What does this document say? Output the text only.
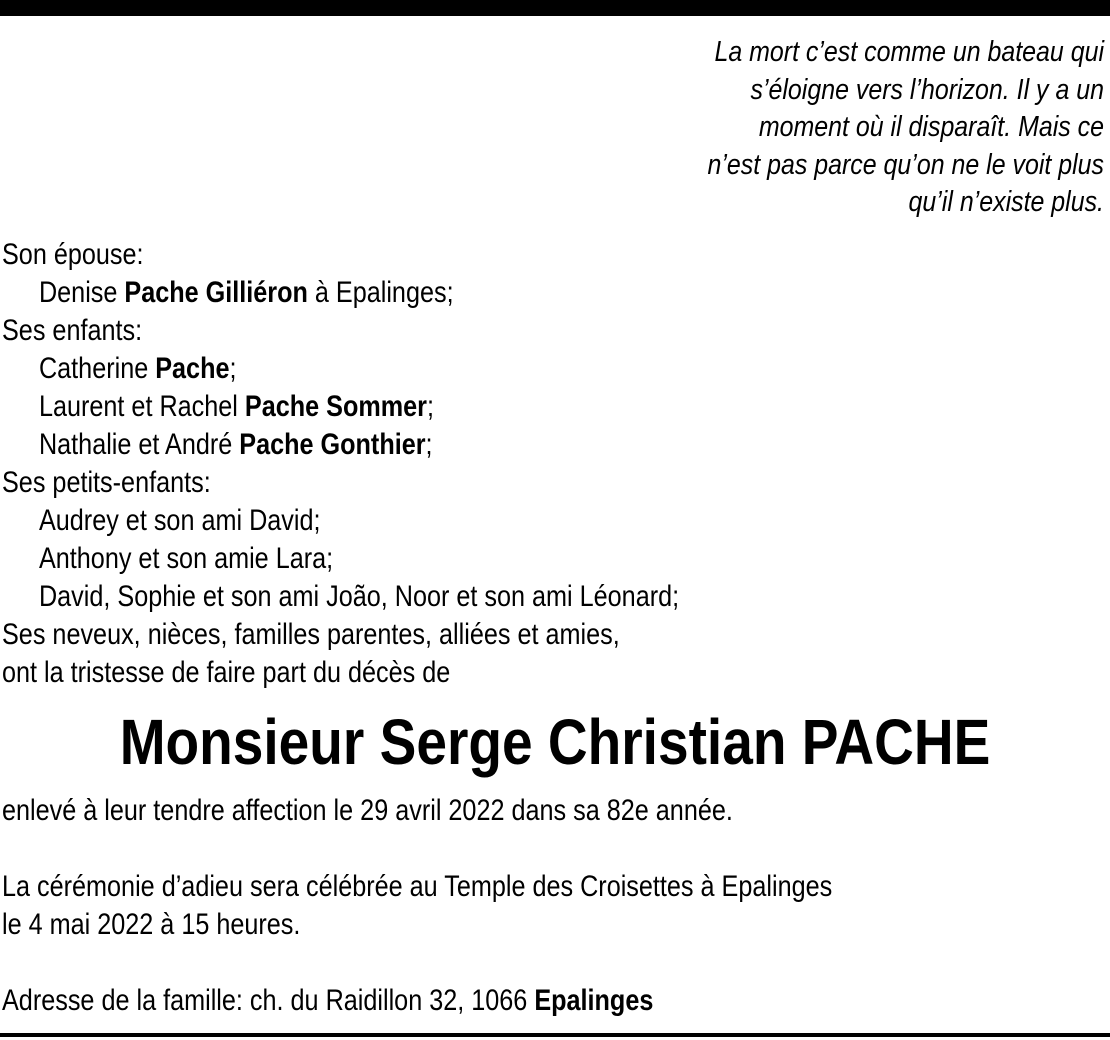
La mort c’est comme un bateau qui
s’éloigne vers l’horizon. Il y a un
moment où il disparaît. Mais ce
n’est pas parce qu’on ne le voit plus
qu’il n’existe plus.
Son épouse:
Denise Pache Gilliéron à Epalinges;
Ses enfants:
Catherine Pache;
Laurent et Rachel Pache Sommer;
Nathalie et André Pache Gonthier;
Ses petits-enfants:
Audrey et son ami David;
Anthony et son amie Lara;
David, Sophie et son ami João, Noor et son ami Léonard;
Ses neveux, nièces, familles parentes, alliées et amies,
ont la tristesse de faire part du décès de
Monsieur Serge Christian PACHE
enlevé à leur tendre affection le 29 avril 2022 dans sa 82e année.
La cérémonie d’adieu sera célébrée au Temple des Croisettes à Epalinges
le 4 mai 2022 à 15 heures.
Adresse de la famille: ch. du Raidillon 32, 1066 Epalinges
